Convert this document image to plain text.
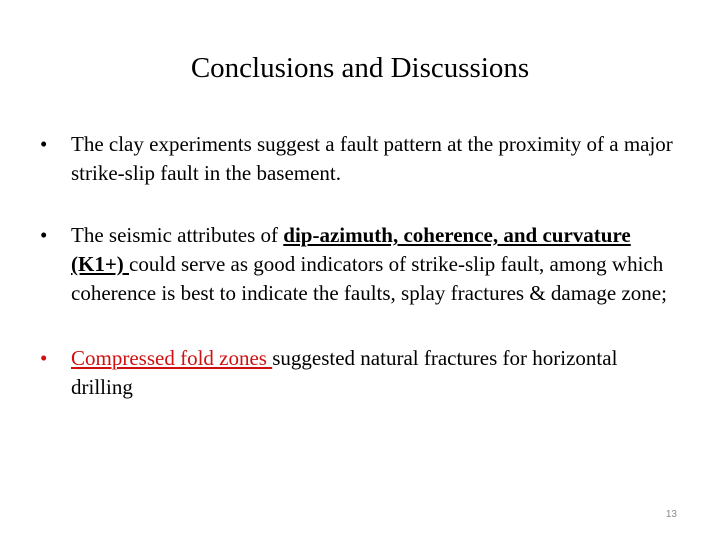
Conclusions and Discussions
• The clay experiments suggest a fault pattern at the proximity of a major strike-slip fault in the basement.
• The seismic attributes of dip-azimuth, coherence, and curvature (K1+) could serve as good indicators of strike-slip fault, among which coherence is best to indicate the faults, splay fractures & damage zone;
• Compressed fold zones suggested natural fractures for horizontal drilling
13
